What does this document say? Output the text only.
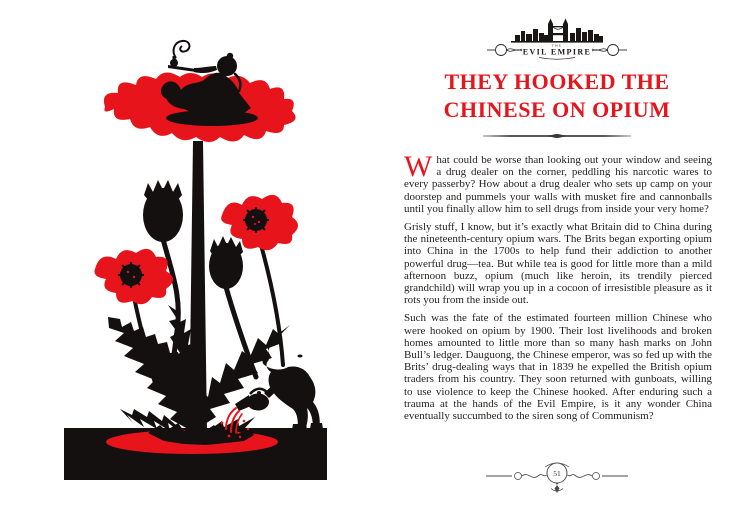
THE
EVIL EMPIRE
THEY HOOKED THE
CHINESE ON OPIUM

What could be worse than looking out your window and seeing a drug dealer on the corner, peddling his narcotic wares to every passerby? How about a drug dealer who sets up camp on your doorstep and pummels your walls with musket fire and cannonballs until you finally allow him to sell drugs from inside your very home?

Grisly stuff, I know, but it’s exactly what Britain did to China during the nineteenth-century opium wars. The Brits began exporting opium into China in the 1700s to help fund their addiction to another powerful drug—tea. But while tea is good for little more than a mild afternoon buzz, opium (much like heroin, its trendily pierced grandchild) will wrap you up in a cocoon of irresistible pleasure as it rots you from the inside out.

Such was the fate of the estimated fourteen million Chinese who were hooked on opium by 1900. Their lost livelihoods and broken homes amounted to little more than so many hash marks on John Bull’s ledger. Dauguong, the Chinese emperor, was so fed up with the Brits’ drug-dealing ways that in 1839 he expelled the British opium traders from his country. They soon returned with gunboats, willing to use violence to keep the Chinese hooked. After enduring such a trauma at the hands of the Evil Empire, is it any wonder China eventually succumbed to the siren song of Communism?

51
